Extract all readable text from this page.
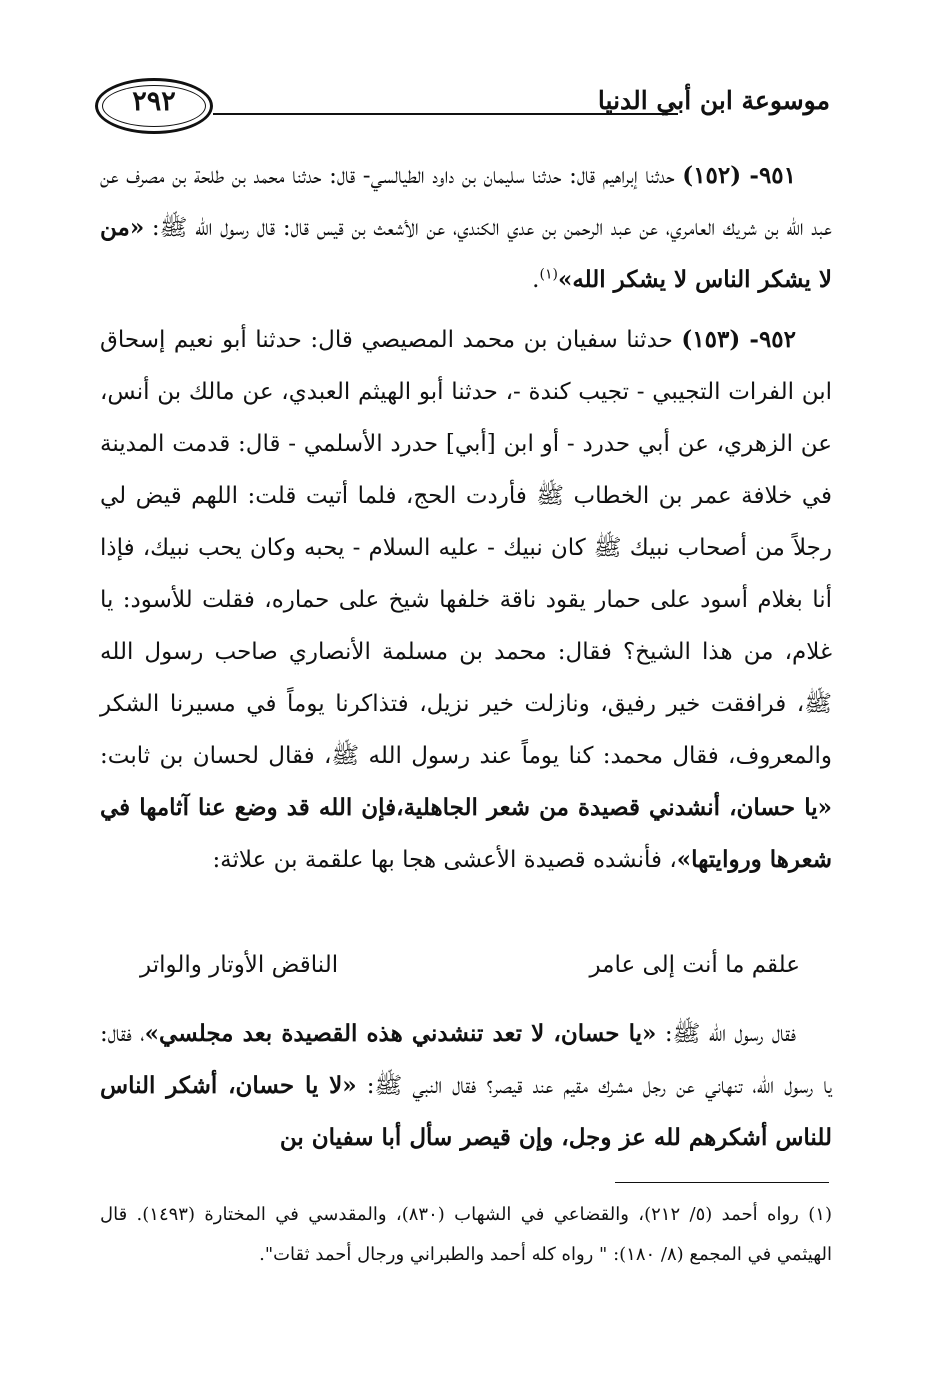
٢٩٢	موسوعة ابن أبي الدنيا

٩٥١- (١٥٢) حدثنا إبراهيم قال: حدثنا سليمان بن داود الطيالسي- قال: حدثنا محمد بن طلحة بن مصرف عن عبد الله بن شريك العامري، عن عبد الرحمن بن عدي الكندي، عن الأشعث بن قيس قال: قال رسول الله ﷺ: «من لا يشكر الناس لا يشكر الله»$^{(١)}$.

٩٥٢- (١٥٣) حدثنا سفيان بن محمد المصيصي قال: حدثنا أبو نعيم إسحاق ابن الفرات التجيبي - تجيب كندة -، حدثنا أبو الهيثم العبدي، عن مالك بن أنس، عن الزهري، عن أبي حدرد - أو ابن [أبي] حدرد الأسلمي - قال: قدمت المدينة في خلافة عمر بن الخطاب ﷺ فأردت الحج، فلما أتيت قلت: اللهم قيض لي رجلاً من أصحاب نبيك ﷺ كان نبيك - عليه السلام - يحبه وكان يحب نبيك، فإذا أنا بغلام أسود على حمار يقود ناقة خلفها شيخ على حماره، فقلت للأسود: يا غلام، من هذا الشيخ؟ فقال: محمد بن مسلمة الأنصاري صاحب رسول الله ﷺ، فرافقت خير رفيق، ونازلت خير نزيل، فتذاكرنا يوماً في مسيرنا الشكر والمعروف، فقال محمد: كنا يوماً عند رسول الله ﷺ، فقال لحسان بن ثابت: «يا حسان، أنشدني قصيدة من شعر الجاهلية،فإن الله قد وضع عنا آثامها في شعرها وروايتها»، فأنشده قصيدة الأعشى هجا بها علقمة بن علاثة:

علقم ما أنت إلى عامر
الناقض الأوتار والواتر

فقال رسول الله ﷺ: «يا حسان، لا تعد تنشدني هذه القصيدة بعد مجلسي»، فقال: يا رسول الله، تنهاني عن رجل مشرك مقيم عند قيصر؟ فقال النبي ﷺ: «لا يا حسان، أشكر الناس للناس أشكرهم لله عز وجل، وإن قيصر سأل أبا سفيان بن

(١) رواه أحمد (٥/ ٢١٢)، والقضاعي في الشهاب (٨٣٠)، والمقدسي في المختارة (١٤٩٣). قال الهيثمي في المجمع (٨/ ١٨٠): " رواه كله أحمد والطبراني ورجال أحمد ثقات".
